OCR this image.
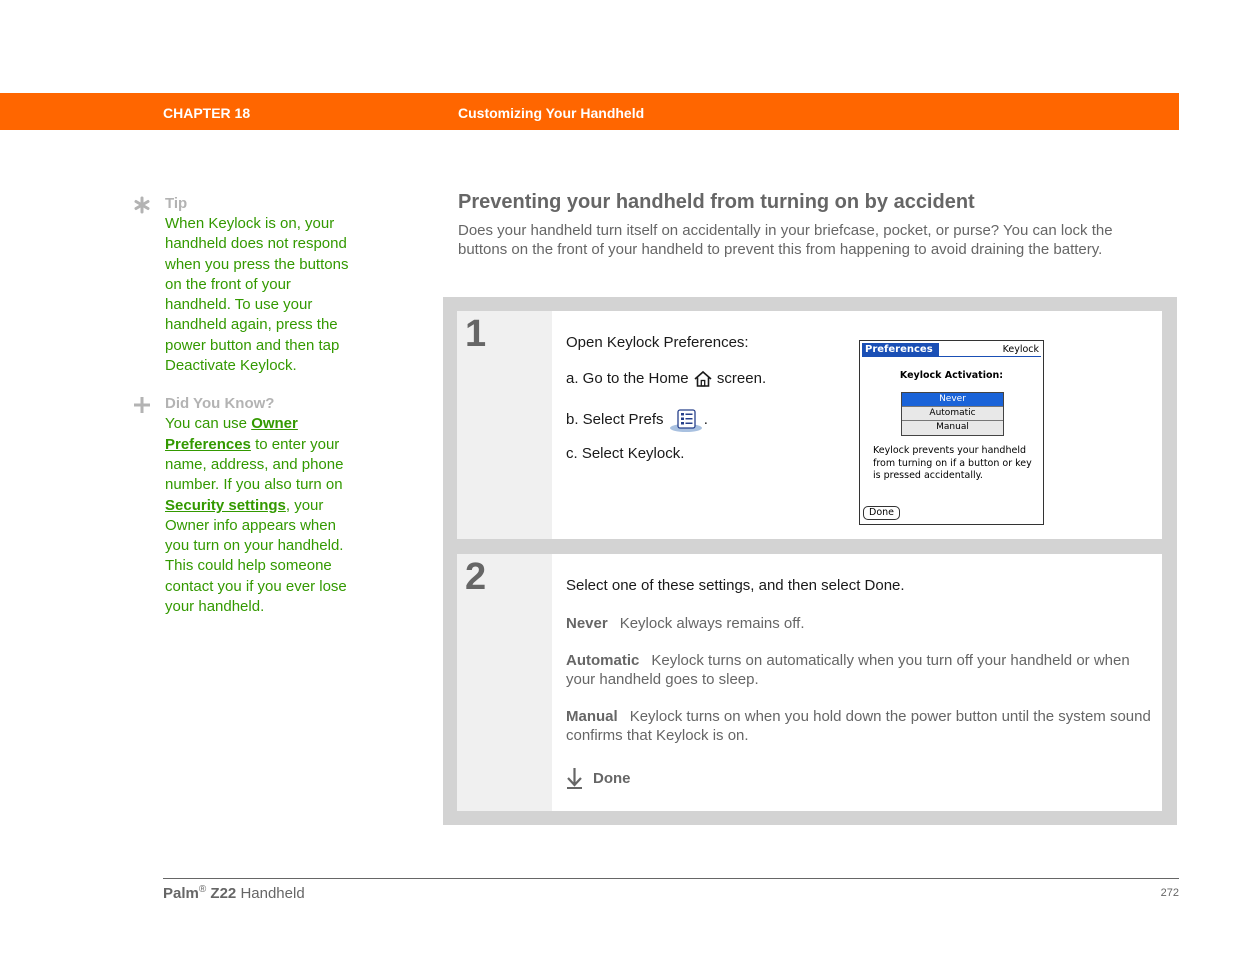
CHAPTER 18	Customizing Your Handheld
Tip
When Keylock is on, your handheld does not respond when you press the buttons on the front of your handheld. To use your handheld again, press the power button and then tap Deactivate Keylock.
Did You Know?
You can use Owner Preferences to enter your name, address, and phone number. If you also turn on Security settings, your Owner info appears when you turn on your handheld. This could help someone contact you if you ever lose your handheld.
Preventing your handheld from turning on by accident

Does your handheld turn itself on accidentally in your briefcase, pocket, or purse? You can lock the buttons on the front of your handheld to prevent this from happening to avoid draining the battery.

1	Open Keylock Preferences:
a. Go to the Home screen.
b. Select Prefs	.
c. Select Keylock.
Preferences	Keylock
Keylock Activation:
Never
Automatic
Manual
Keylock prevents your handheld from turning on if a button or key is pressed accidentally.
Done
2	Select one of these settings, and then select Done.
Never Keylock always remains off.
Automatic Keylock turns on automatically when you turn off your handheld or when your handheld goes to sleep.
Manual Keylock turns on when you hold down the power button until the system sound confirms that Keylock is on.
Done
Palm® Z22 Handheld	272
